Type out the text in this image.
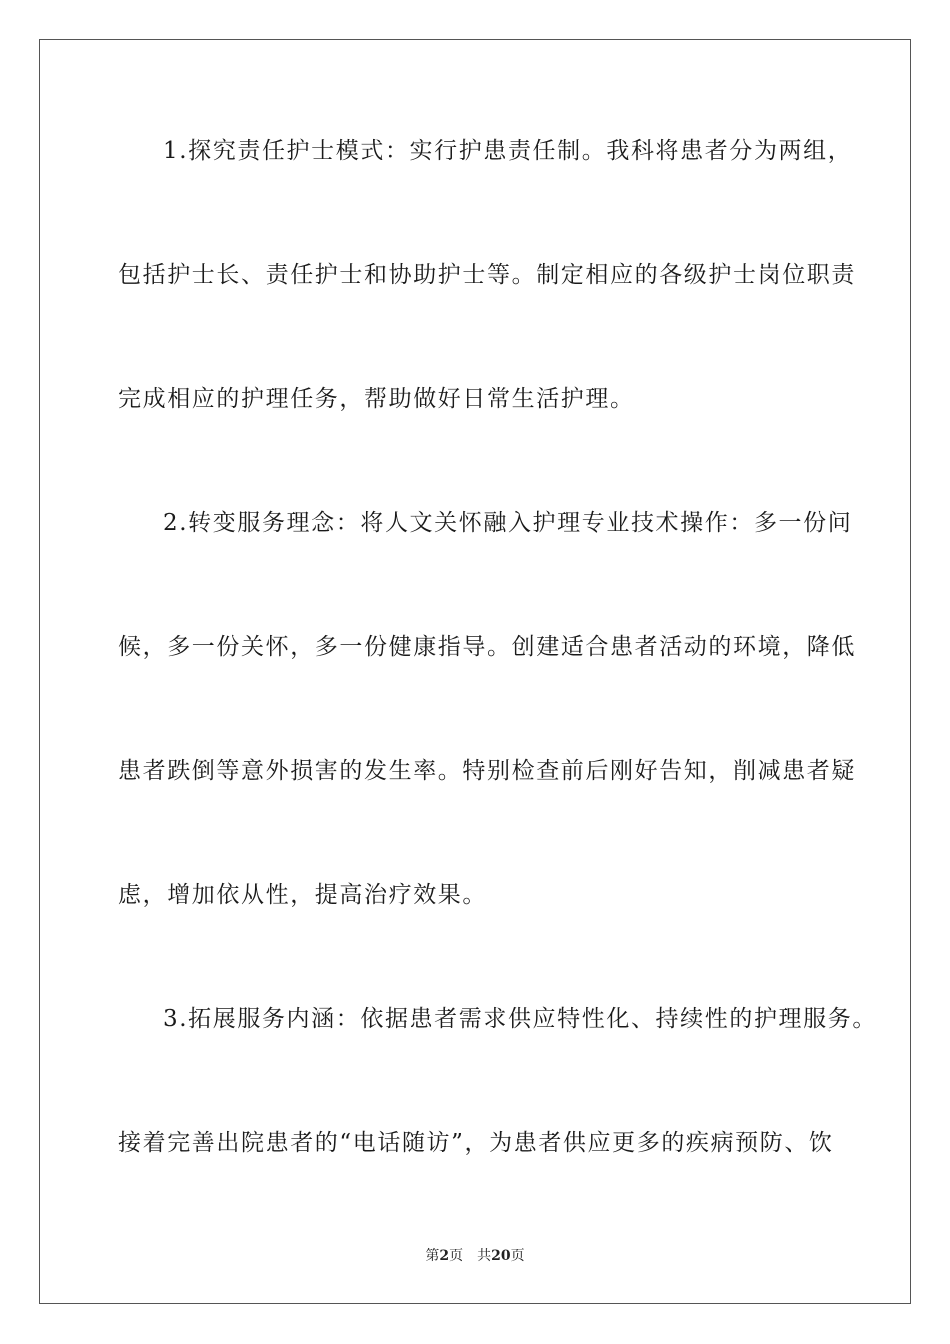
1.探究责任护士模式：实行护患责任制。我科将患者分为两组，
包括护士长、责任护士和协助护士等。制定相应的各级护士岗位职责
完成相应的护理任务，帮助做好日常生活护理。
2.转变服务理念：将人文关怀融入护理专业技术操作：多一份问
候，多一份关怀，多一份健康指导。创建适合患者活动的环境，降低
患者跌倒等意外损害的发生率。特别检查前后刚好告知，削减患者疑
虑，增加依从性，提高治疗效果。
3.拓展服务内涵：依据患者需求供应特性化、持续性的护理服务。
接着完善出院患者的“电话随访”，为患者供应更多的疾病预防、饮
第2页 共20页
